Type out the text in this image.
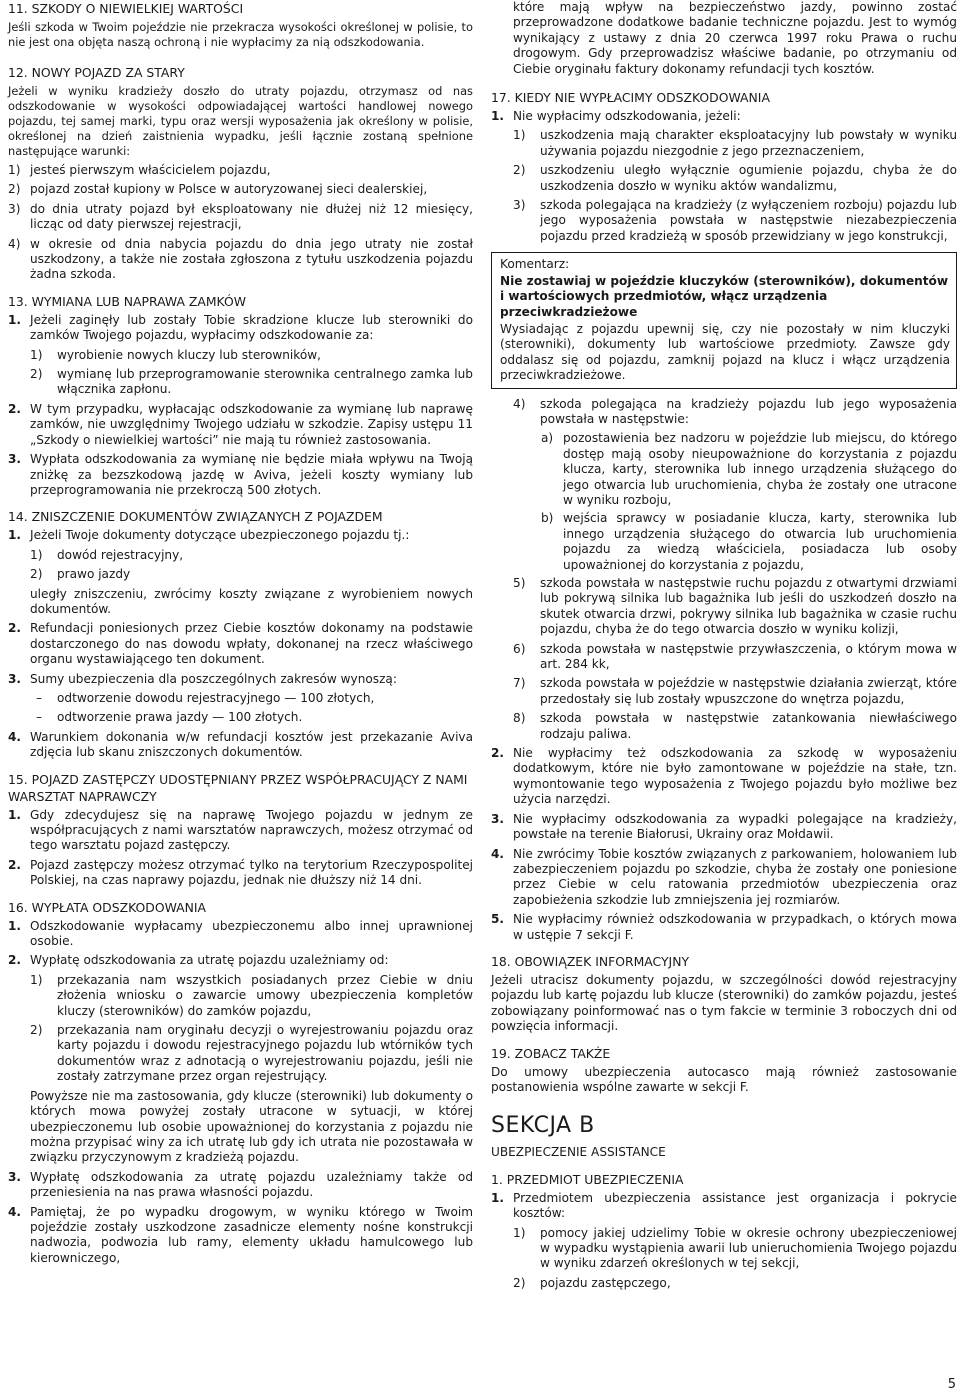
11. SZKODY O NIEWIELKIEJ WARTOŚCI
Jeśli szkoda w Twoim pojeździe nie przekracza wysokości określonej w polisie, to nie jest ona objęta naszą ochroną i nie wypłacimy za nią odszkodowania.
12. NOWY POJAZD ZA STARY
Jeżeli w wyniku kradzieży doszło do utraty pojazdu, otrzymasz od nas odszkodowanie w wysokości odpowiadającej wartości handlowej nowego pojazdu, tej samej marki, typu oraz wersji wyposażenia jak określony w polisie, określonej na dzień zaistnienia wypadku, jeśli łącznie zostaną spełnione następujące warunki:
1) jesteś pierwszym właścicielem pojazdu,
2) pojazd został kupiony w Polsce w autoryzowanej sieci dealerskiej,
3) do dnia utraty pojazd był eksploatowany nie dłużej niż 12 miesięcy, licząc od daty pierwszej rejestracji,
4) w okresie od dnia nabycia pojazdu do dnia jego utraty nie został uszkodzony, a także nie została zgłoszona z tytułu uszkodzenia pojazdu żadna szkoda.
13. WYMIANA LUB NAPRAWA ZAMKÓW
1. Jeżeli zaginęły lub zostały Tobie skradzione klucze lub sterowniki do zamków Twojego pojazdu, wypłacimy odszkodowanie za:
1) wyrobienie nowych kluczy lub sterowników,
2) wymianę lub przeprogramowanie sterownika centralnego zamka lub włącznika zapłonu.
2. W tym przypadku, wypłacając odszkodowanie za wymianę lub naprawę zamków, nie uwzględnimy Twojego udziału w szkodzie. Zapisy ustępu 11 „Szkody o niewielkiej wartości” nie mają tu również zastosowania.
3. Wypłata odszkodowania za wymianę nie będzie miała wpływu na Twoją zniżkę za bezszkodową jazdę w Aviva, jeżeli koszty wymiany lub przeprogramowania nie przekroczą 500 złotych.
14. ZNISZCZENIE DOKUMENTÓW ZWIĄZANYCH Z POJAZDEM
1. Jeżeli Twoje dokumenty dotyczące ubezpieczonego pojazdu tj.:
1) dowód rejestracyjny,
2) prawo jazdy
uległy zniszczeniu, zwrócimy koszty związane z wyrobieniem nowych dokumentów.
2. Refundacji poniesionych przez Ciebie kosztów dokonamy na podstawie dostarczonego do nas dowodu wpłaty, dokonanej na rzecz właściwego organu wystawiającego ten dokument.
3. Sumy ubezpieczenia dla poszczególnych zakresów wynoszą:
– odtworzenie dowodu rejestracyjnego — 100 złotych,
– odtworzenie prawa jazdy — 100 złotych.
4. Warunkiem dokonania w/w refundacji kosztów jest przekazanie Aviva zdjęcia lub skanu zniszczonych dokumentów.
15. POJAZD ZASTĘPCZY UDOSTĘPNIANY PRZEZ WSPÓŁPRACUJĄCY Z NAMI WARSZTAT NAPRAWCZY
1. Gdy zdecydujesz się na naprawę Twojego pojazdu w jednym ze współpracujących z nami warsztatów naprawczych, możesz otrzymać od tego warsztatu pojazd zastępczy.
2. Pojazd zastępczy możesz otrzymać tylko na terytorium Rzeczypospolitej Polskiej, na czas naprawy pojazdu, jednak nie dłuższy niż 14 dni.
16. WYPŁATA ODSZKODOWANIA
1. Odszkodowanie wypłacamy ubezpieczonemu albo innej uprawnionej osobie.
2. Wypłatę odszkodowania za utratę pojazdu uzależniamy od:
1) przekazania nam wszystkich posiadanych przez Ciebie w dniu złożenia wniosku o zawarcie umowy ubezpieczenia kompletów kluczy (sterowników) do zamków pojazdu,
2) przekazania nam oryginału decyzji o wyrejestrowaniu pojazdu oraz karty pojazdu i dowodu rejestracyjnego pojazdu lub wtórników tych dokumentów wraz z adnotacją o wyrejestrowaniu pojazdu, jeśli nie zostały zatrzymane przez organ rejestrujący.
Powyższe nie ma zastosowania, gdy klucze (sterowniki) lub dokumenty o których mowa powyżej zostały utracone w sytuacji, w której ubezpieczonemu lub osobie upoważnionej do korzystania z pojazdu nie można przypisać winy za ich utratę lub gdy ich utrata nie pozostawała w związku przyczynowym z kradzieżą pojazdu.
3. Wypłatę odszkodowania za utratę pojazdu uzależniamy także od przeniesienia na nas prawa własności pojazdu.
4. Pamiętaj, że po wypadku drogowym, w wyniku którego w Twoim pojeździe zostały uszkodzone zasadnicze elementy nośne konstrukcji nadwozia, podwozia lub ramy, elementy układu hamulcowego lub kierowniczego,
które mają wpływ na bezpieczeństwo jazdy, powinno zostać przeprowadzone dodatkowe badanie techniczne pojazdu. Jest to wymóg wynikający z ustawy z dnia 20 czerwca 1997 roku Prawa o ruchu drogowym. Gdy przeprowadzisz właściwe badanie, po otrzymaniu od Ciebie oryginału faktury dokonamy refundacji tych kosztów.
17. KIEDY NIE WYPŁACIMY ODSZKODOWANIA
1. Nie wypłacimy odszkodowania, jeżeli:
1) uszkodzenia mają charakter eksploatacyjny lub powstały w wyniku używania pojazdu niezgodnie z jego przeznaczeniem,
2) uszkodzeniu uległo wyłącznie ogumienie pojazdu, chyba że do uszkodzenia doszło w wyniku aktów wandalizmu,
3) szkoda polegająca na kradzieży (z wyłączeniem rozboju) pojazdu lub jego wyposażenia powstała w następstwie niezabezpieczenia pojazdu przed kradzieżą w sposób przewidziany w jego konstrukcji,
Komentarz:
Nie zostawiaj w pojeździe kluczyków (sterowników), dokumentów i wartościowych przedmiotów, włącz urządzenia przeciwkradzieżowe
Wysiadając z pojazdu upewnij się, czy nie pozostały w nim kluczyki (sterowniki), dokumenty lub wartościowe przedmioty. Zawsze gdy oddalasz się od pojazdu, zamknij pojazd na klucz i włącz urządzenia przeciwkradzieżowe.
4) szkoda polegająca na kradzieży pojazdu lub jego wyposażenia powstała w następstwie:
a) pozostawienia bez nadzoru w pojeździe lub miejscu, do którego dostęp mają osoby nieupoważnione do korzystania z pojazdu klucza, karty, sterownika lub innego urządzenia służącego do jego otwarcia lub uruchomienia, chyba że zostały one utracone w wyniku rozboju,
b) wejścia sprawcy w posiadanie klucza, karty, sterownika lub innego urządzenia służącego do otwarcia lub uruchomienia pojazdu za wiedzą właściciela, posiadacza lub osoby upoważnionej do korzystania z pojazdu,
5) szkoda powstała w następstwie ruchu pojazdu z otwartymi drzwiami lub pokrywą silnika lub bagażnika lub jeśli do uszkodzeń doszło na skutek otwarcia drzwi, pokrywy silnika lub bagażnika w czasie ruchu pojazdu, chyba że do tego otwarcia doszło w wyniku kolizji,
6) szkoda powstała w następstwie przywłaszczenia, o którym mowa w art. 284 kk,
7) szkoda powstała w pojeździe w następstwie działania zwierząt, które przedostały się lub zostały wpuszczone do wnętrza pojazdu,
8) szkoda powstała w następstwie zatankowania niewłaściwego rodzaju paliwa.
2. Nie wypłacimy też odszkodowania za szkodę w wyposażeniu dodatkowym, które nie było zamontowane w pojeździe na stałe, tzn. wymontowanie tego wyposażenia z Twojego pojazdu było możliwe bez użycia narzędzi.
3. Nie wypłacimy odszkodowania za wypadki polegające na kradzieży, powstałe na terenie Białorusi, Ukrainy oraz Mołdawii.
4. Nie zwrócimy Tobie kosztów związanych z parkowaniem, holowaniem lub zabezpieczeniem pojazdu po szkodzie, chyba że zostały one poniesione przez Ciebie w celu ratowania przedmiotów ubezpieczenia oraz zapobieżenia szkodzie lub zmniejszenia jej rozmiarów.
5. Nie wypłacimy również odszkodowania w przypadkach, o których mowa w ustępie 7 sekcji F.
18. OBOWIĄZEK INFORMACYJNY
Jeżeli utracisz dokumenty pojazdu, w szczególności dowód rejestracyjny pojazdu lub kartę pojazdu lub klucze (sterowniki) do zamków pojazdu, jesteś zobowiązany poinformować nas o tym fakcie w terminie 3 roboczych dni od powzięcia informacji.
19. ZOBACZ TAKŻE
Do umowy ubezpieczenia autocasco mają również zastosowanie postanowienia wspólne zawarte w sekcji F.
SEKCJA B
UBEZPIECZENIE ASSISTANCE
1. PRZEDMIOT UBEZPIECZENIA
1. Przedmiotem ubezpieczenia assistance jest organizacja i pokrycie kosztów:
1) pomocy jakiej udzielimy Tobie w okresie ochrony ubezpieczeniowej w wypadku wystąpienia awarii lub unieruchomienia Twojego pojazdu w wyniku zdarzeń określonych w tej sekcji,
2) pojazdu zastępczego,
5
